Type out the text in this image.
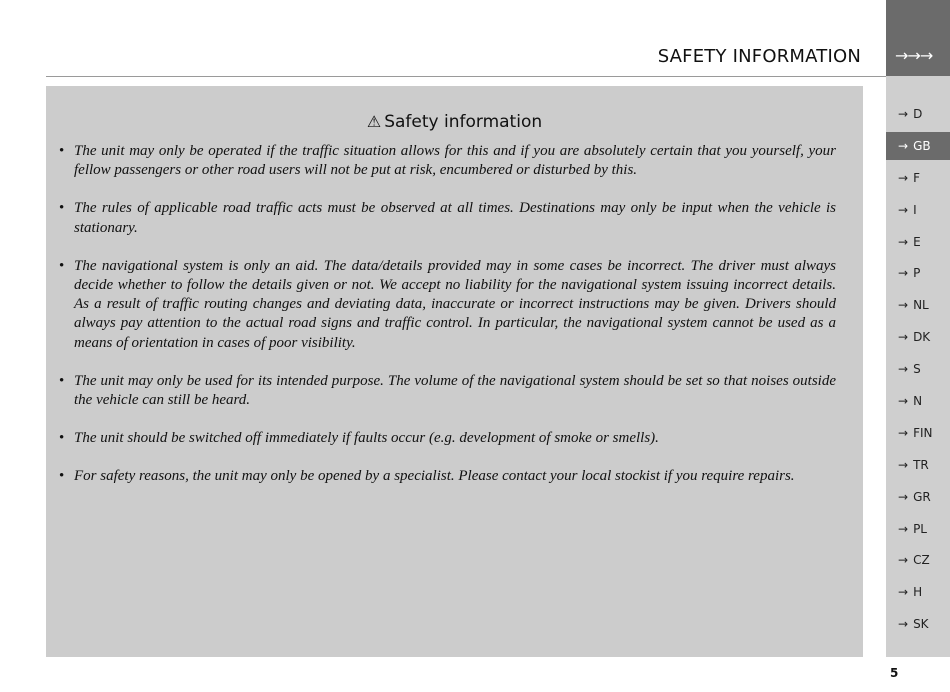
SAFETY INFORMATION →→→
→ D
→ GB
→ F
→ I
→ E
→ P
→ NL
→ DK
→ S
→ N
→ FIN
→ TR
→ GR
→ PL
→ CZ
→ H
→ SK
5
⚠ Safety information
• The unit may only be operated if the traffic situation allows for this and if you are absolutely certain that you yourself, your fellow passengers or other road users will not be put at risk, encumbered or disturbed by this.
• The rules of applicable road traffic acts must be observed at all times. Destinations may only be input when the vehicle is stationary.
• The navigational system is only an aid. The data/details provided may in some cases be incorrect. The driver must always decide whether to follow the details given or not. We accept no liability for the navigational system issuing incorrect details. As a result of traffic routing changes and deviating data, inaccurate or incorrect instructions may be given. Drivers should always pay attention to the actual road signs and traffic control. In particular, the navigational system cannot be used as a means of orientation in cases of poor visibility.
• The unit may only be used for its intended purpose. The volume of the navigational system should be set so that noises outside the vehicle can still be heard.
• The unit should be switched off immediately if faults occur (e.g. development of smoke or smells).
• For safety reasons, the unit may only be opened by a specialist. Please contact your local stockist if you require repairs.
